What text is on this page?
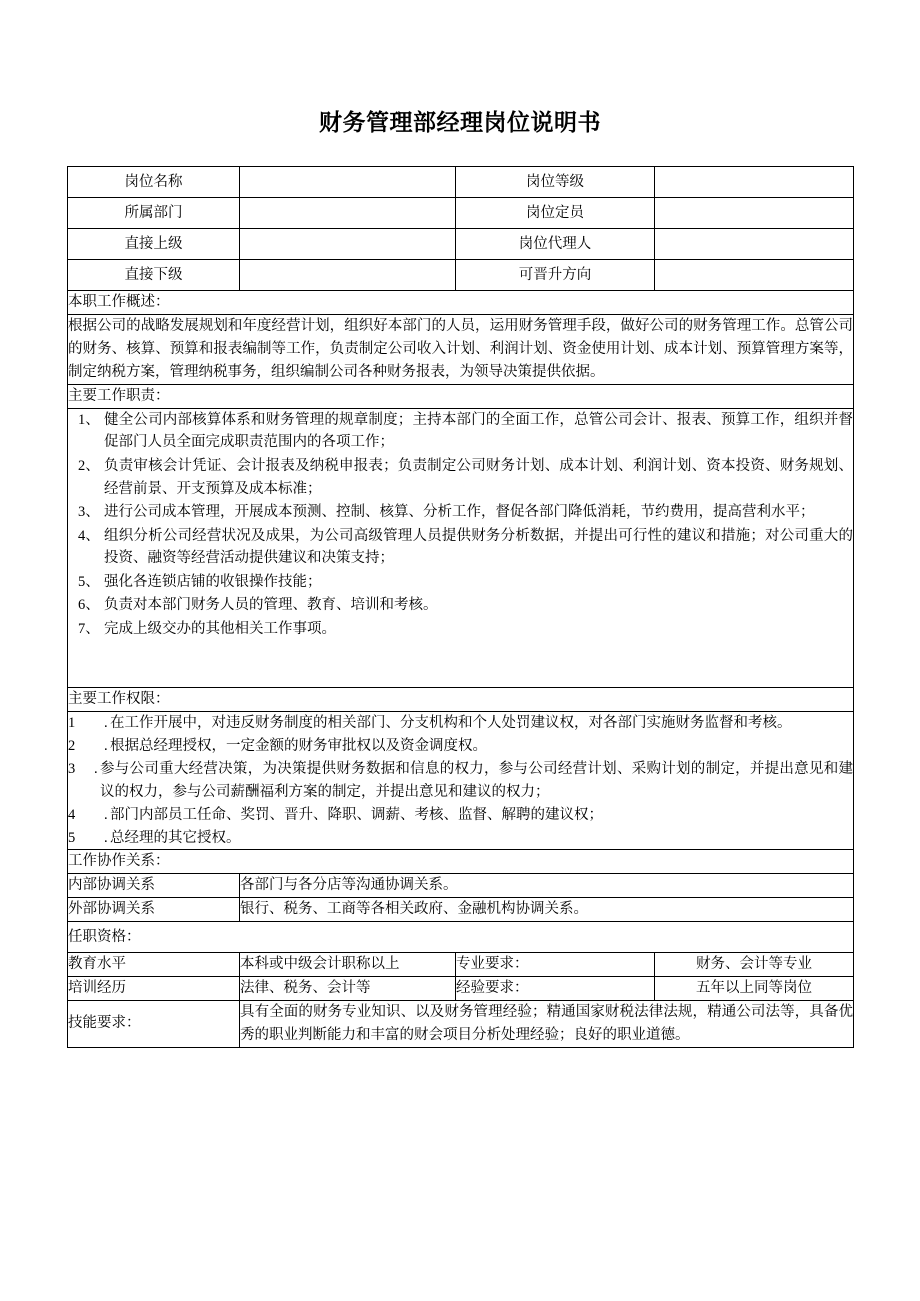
财务管理部经理岗位说明书
岗位名称		岗位等级	
所属部门		岗位定员	
直接上级		岗位代理人	
直接下级		可晋升方向	
本职工作概述：			

根据公司的战略发展规划和年度经营计划，组织好本部门的人员，运用财务管理手段，做好公司的财务管理工作。总管公司的财务、核算、预算和报表编制等工作，负责制定公司收入计划、利润计划、资金使用计划、成本计划、预算管理方案等，制定纳税方案，管理纳税事务，组织编制公司各种财务报表，为领导决策提供依据。			

主要工作职责：			

1、 健全公司内部核算体系和财务管理的规章制度；主持本部门的全面工作，总管公司会计、报表、预算工作，组织并督促部门人员全面完成职责范围内的各项工作；
2、 负责审核会计凭证、会计报表及纳税申报表；负责制定公司财务计划、成本计划、利润计划、资本投资、财务规划、经营前景、开支预算及成本标准；
3、 进行公司成本管理，开展成本预测、控制、核算、分析工作，督促各部门降低消耗，节约费用，提高营利水平；
4、 组织分析公司经营状况及成果，为公司高级管理人员提供财务分析数据，并提出可行性的建议和措施；对公司重大的投资、融资等经营活动提供建议和决策支持；
5、 强化各连锁店铺的收银操作技能；
6、 负责对本部门财务人员的管理、教育、培训和考核。
7、 完成上级交办的其他相关工作事项。

主要工作权限：			

1 . 在工作开展中，对违反财务制度的相关部门、分支机构和个人处罚建议权，对各部门实施财务监督和考核。
2 . 根据总经理授权，一定金额的财务审批权以及资金调度权。
3 . 参与公司重大经营决策，为决策提供财务数据和信息的权力，参与公司经营计划、采购计划的制定，并提出意见和建议的权力，参与公司薪酬福利方案的制定，并提出意见和建议的权力；
4 . 部门内部员工任命、奖罚、晋升、降职、调薪、考核、监督、解聘的建议权；
5 . 总经理的其它授权。

工作协作关系：			
内部协调关系	各部门与各分店等沟通协调关系。		
外部协调关系	银行、税务、工商等各相关政府、金融机构协调关系。		
任职资格：			
教育水平	本科或中级会计职称以上	专业要求：	财务、会计等专业
培训经历	法律、税务、会计等	经验要求：	五年以上同等岗位
技能要求：	具有全面的财务专业知识、以及财务管理经验；精通国家财税法律法规，精通公司法等，具备优秀的职业判断能力和丰富的财会项目分析处理经验；良好的职业道德。		
